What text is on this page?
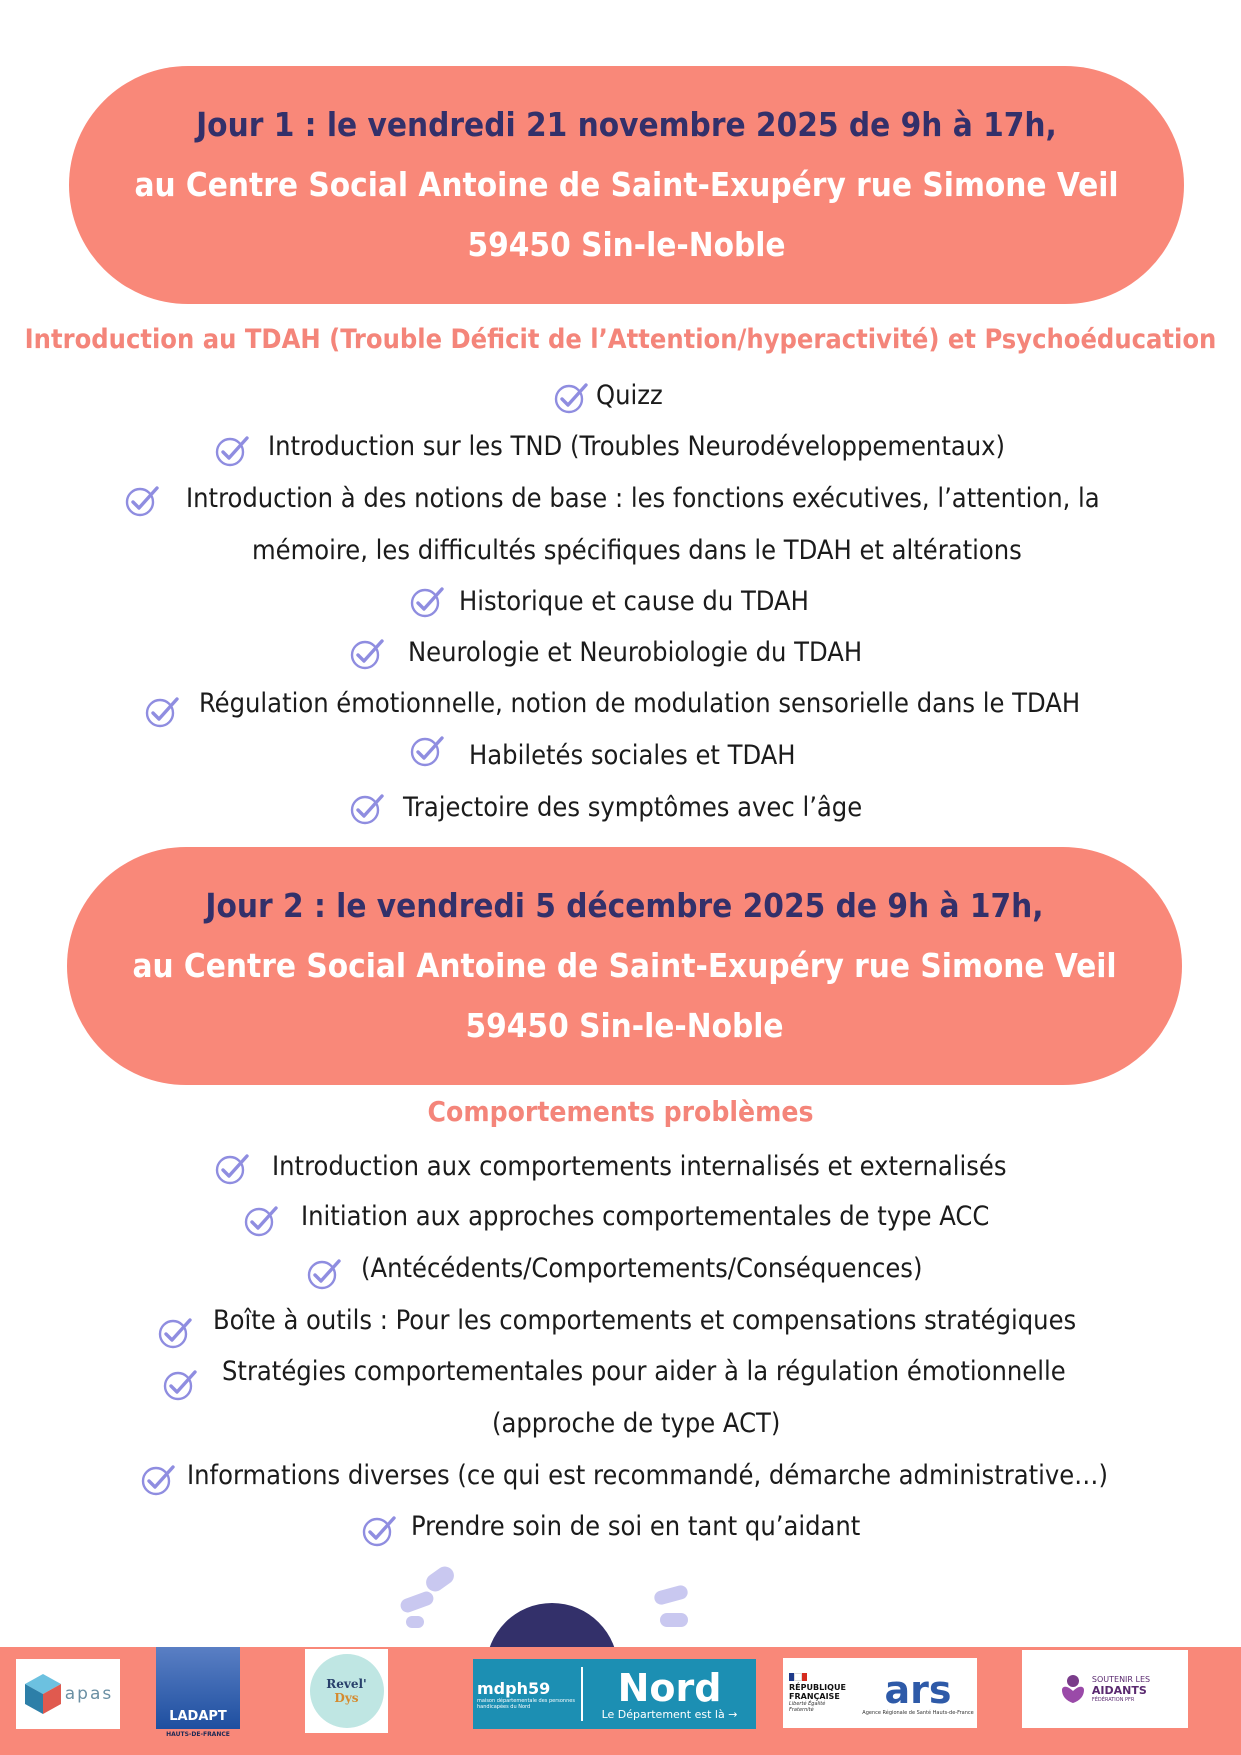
Jour 1 : le vendredi 21 novembre 2025 de 9h à 17h,
au Centre Social Antoine de Saint-Exupéry rue Simone Veil
59450 Sin-le-Noble
Introduction au TDAH (Trouble Déficit de l’Attention/hyperactivité) et Psychoéducation
Quizz
Introduction sur les TND (Troubles Neurodéveloppementaux)
Introduction à des notions de base : les fonctions exécutives, l’attention, la
mémoire, les difficultés spécifiques dans le TDAH et altérations
Historique et cause du TDAH
Neurologie et Neurobiologie du TDAH
Régulation émotionnelle, notion de modulation sensorielle dans le TDAH
Habiletés sociales et TDAH
Trajectoire des symptômes avec l’âge
Jour 2 : le vendredi 5 décembre 2025 de 9h à 17h,
au Centre Social Antoine de Saint-Exupéry rue Simone Veil
59450 Sin-le-Noble
Comportements problèmes
Introduction aux comportements internalisés et externalisés
Initiation aux approches comportementales de type ACC
(Antécédents/Comportements/Conséquences)
Boîte à outils : Pour les comportements et compensations stratégiques
Stratégies comportementales pour aider à la régulation émotionnelle
(approche de type ACT)
Informations diverses (ce qui est recommandé, démarche administrative…)
Prendre soin de soi en tant qu’aidant
apas
LADAPT
HAUTS-DE-FRANCE
Revel'
Dys
mdph59
maison départementale des personnes handicapées du Nord	Nord
Le Département est là →
RÉPUBLIQUE
FRANÇAISE
Liberté Égalité Fraternité	ars
Agence Régionale de Santé Hauts-de-France
SOUTENIR LES
AIDANTS
FÉDÉRATION PFR
